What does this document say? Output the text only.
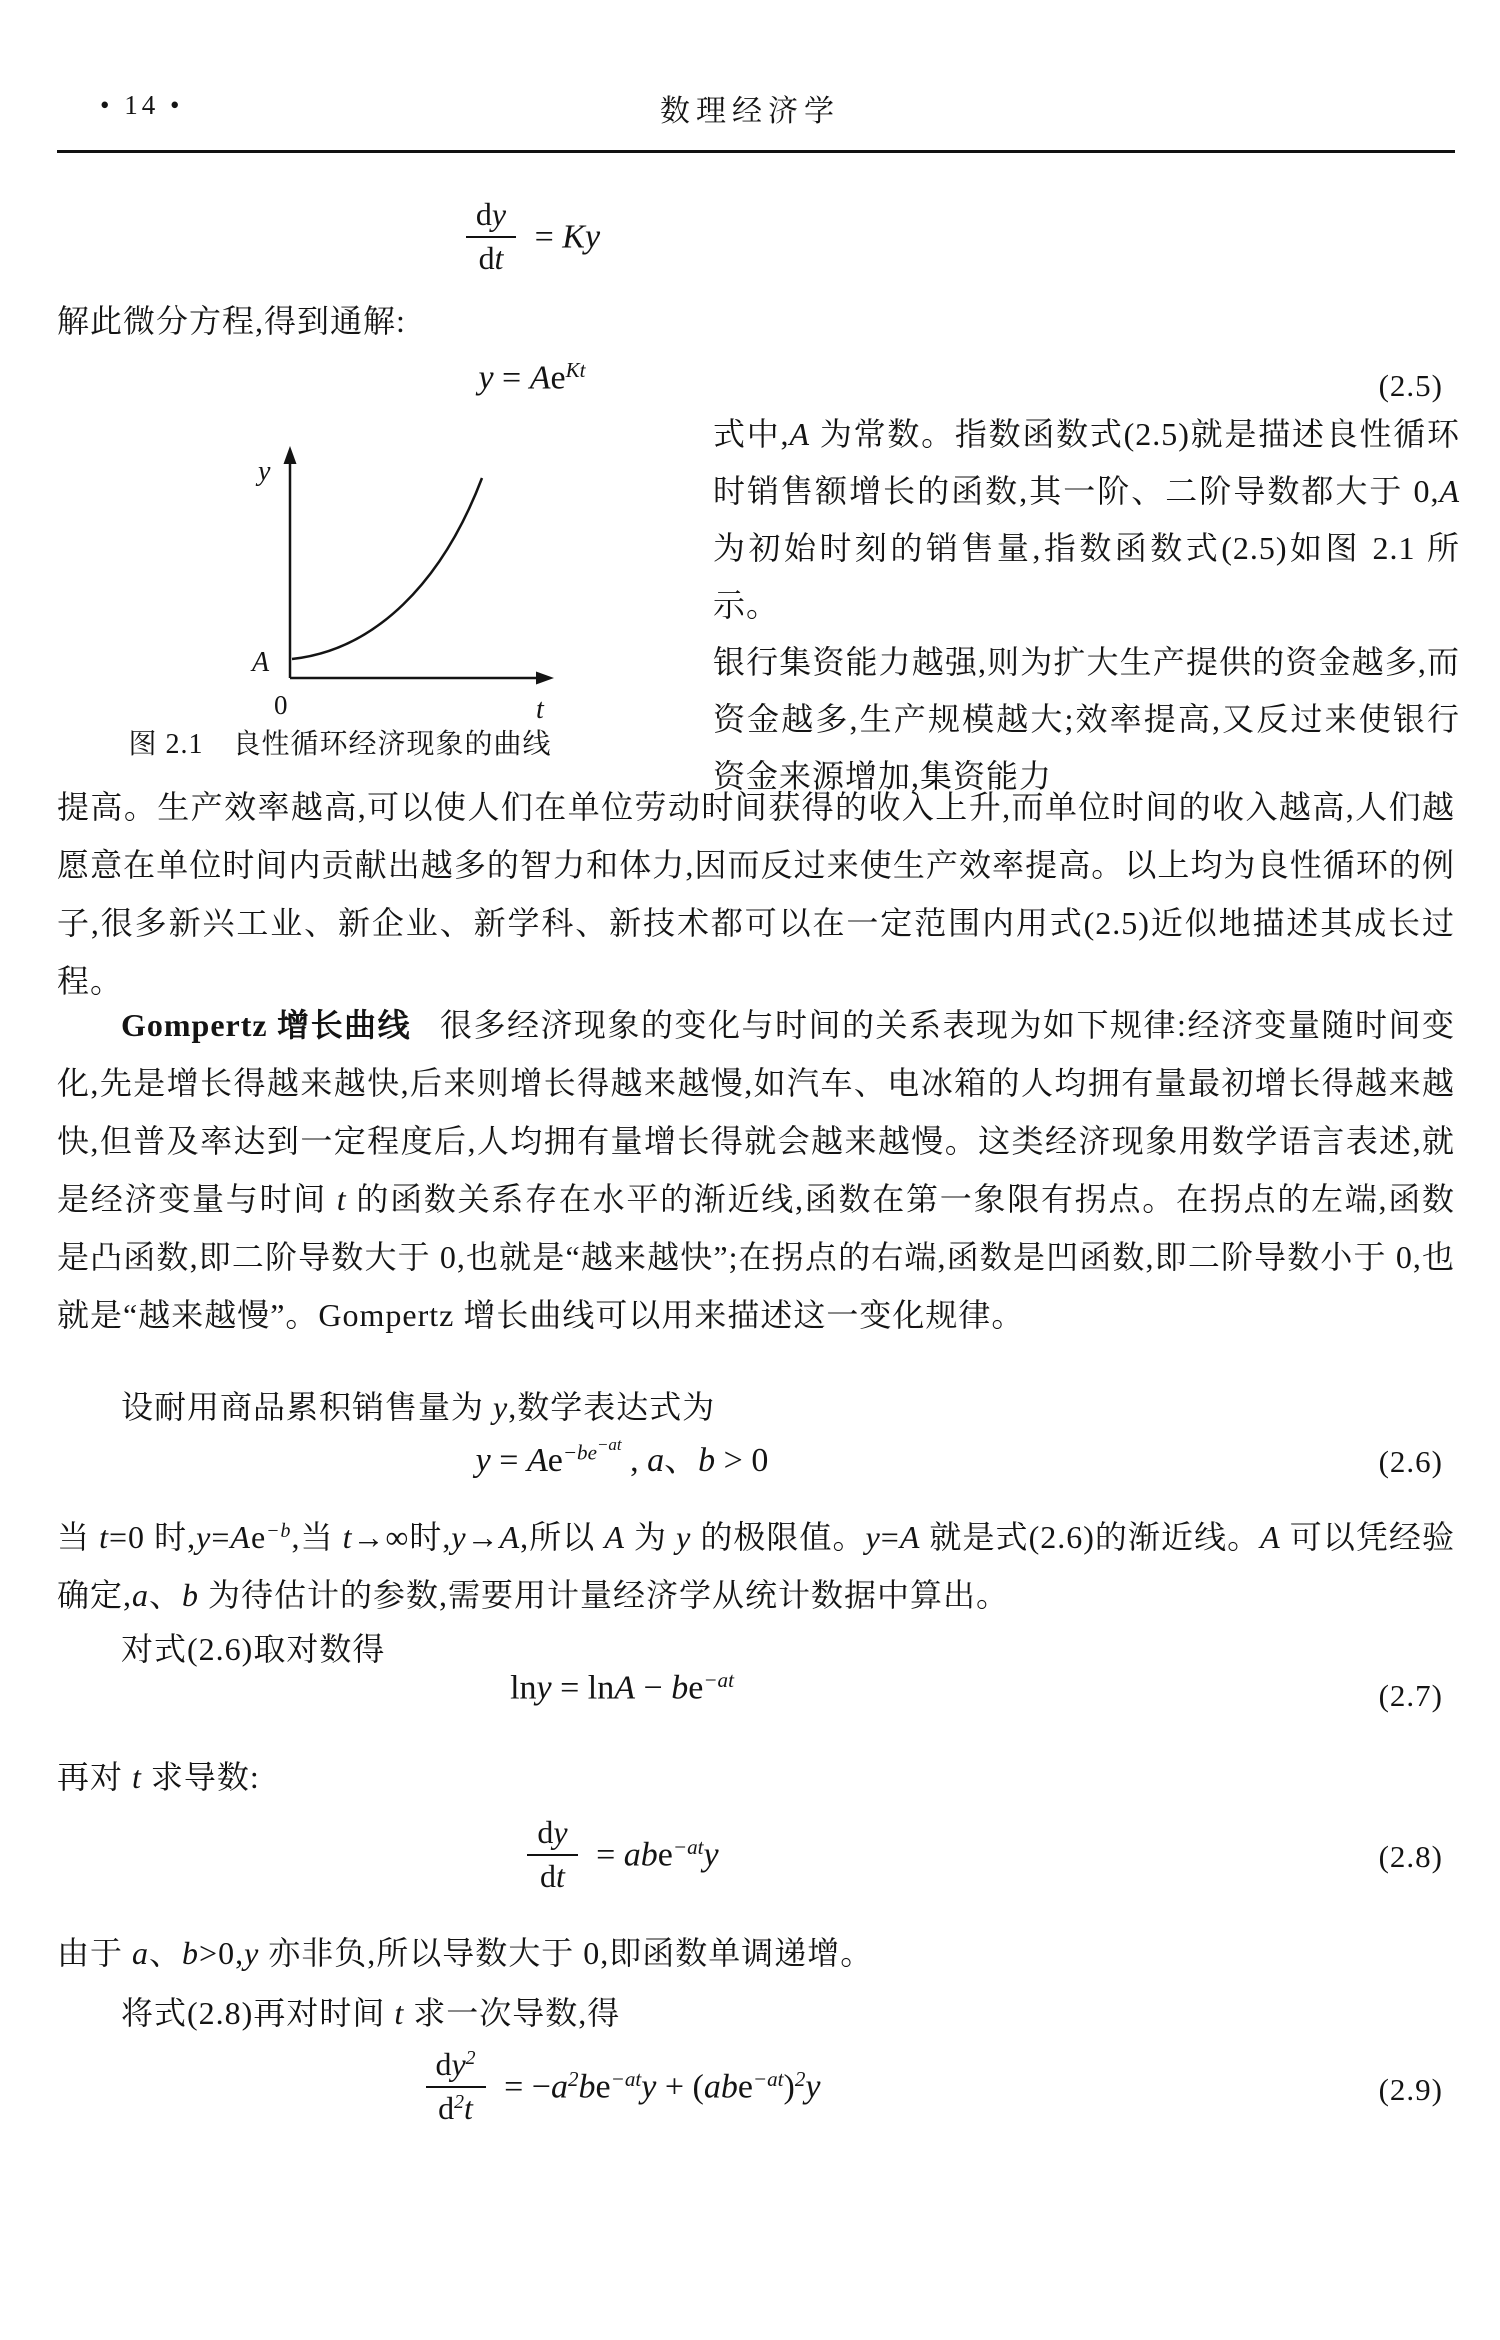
• 14 •	数理经济学
$\frac{dy}{dt} = Ky$
解此微分方程,得到通解:
$y = Ae^{Kt}$	(2.5)
y
A
0	t
图 2.1　良性循环经济现象的曲线
式中,A 为常数。指数函数式(2.5)就是描述良性循环时销售额增长的函数,其一阶、二阶导数都大于 0,A 为初始时刻的销售量,指数函数式(2.5)如图 2.1 所示。
银行集资能力越强,则为扩大生产提供的资金越多,而资金越多,生产规模越大;效率提高,又反过来使银行资金来源增加,集资能力
提高。生产效率越高,可以使人们在单位劳动时间获得的收入上升,而单位时间的收入越高,人们越愿意在单位时间内贡献出越多的智力和体力,因而反过来使生产效率提高。以上均为良性循环的例子,很多新兴工业、新企业、新学科、新技术都可以在一定范围内用式(2.5)近似地描述其成长过程。
Gompertz 增长曲线 很多经济现象的变化与时间的关系表现为如下规律:经济变量随时间变化,先是增长得越来越快,后来则增长得越来越慢,如汽车、电冰箱的人均拥有量最初增长得越来越快,但普及率达到一定程度后,人均拥有量增长得就会越来越慢。这类经济现象用数学语言表述,就是经济变量与时间 t 的函数关系存在水平的渐近线,函数在第一象限有拐点。在拐点的左端,函数是凸函数,即二阶导数大于 0,也就是“越来越快”;在拐点的右端,函数是凹函数,即二阶导数小于 0,也就是“越来越慢”。Gompertz 增长曲线可以用来描述这一变化规律。
设耐用商品累积销售量为 y,数学表达式为
$y = Ae^{-be-at}$ , a、b > 0	(2.6)
当 t=0 时$,y=Ae^{-b}$,当 t→∞时,y→A,所以 A 为 y 的极限值。y=A 就是式(2.6)的渐近线。A 可以凭经验确定,a、b 为待估计的参数,需要用计量经济学从统计数据中算出。
对式(2.6)取对数得
$\ln y = \ln A - be^{-at}$	(2.7)
再对 t 求导数:
$\frac{dy}{dt} = abe^{-at}y$	(2.8)
由于 a、b>0,y 亦非负,所以导数大于 0,即函数单调递增。
将式(2.8)再对时间 t 求一次导数,得
$\frac{dy^2}{d^2t} = -a^2be^{-at}y + (abe^{-at})^2y$	(2.9)
